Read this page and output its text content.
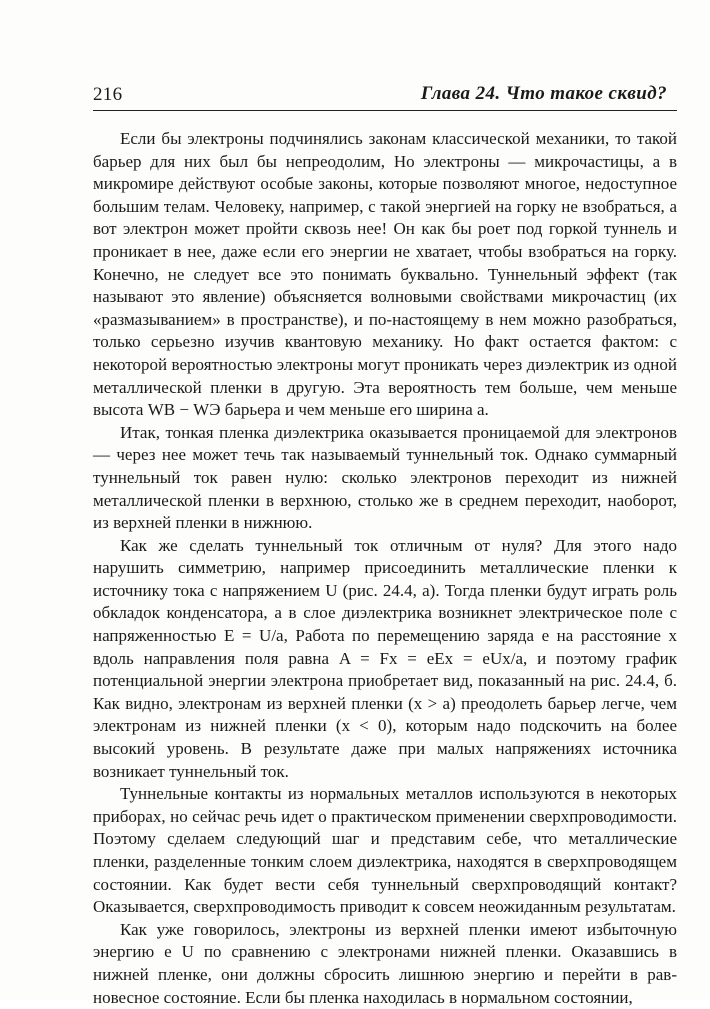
216	Глава 24. Что такое сквид?

Если бы электроны подчинялись законам классической механики, то такой барьер для них был бы непреодолим, Но электроны — микрочастицы, а в микромире действуют особые законы, которые позволяют многое, недоступное большим телам. Человеку, например, с такой энергией на горку не взобраться, а вот электрон может пройти сквозь нее! Он как бы роет под горкой туннель и проникает в нее, даже если его энергии не хватает, чтобы взобраться на горку. Конечно, не следует все это понимать буквально. Туннельный эффект (так называют это явление) объясняется волновыми свойствами микрочастиц (их «размазыванием» в пространстве), и по-настоящему в нем можно разобраться, только серьезно изучив квантовую механику. Но факт остается фактом: с некоторой вероятностью электроны могут проникать через диэлектрик из одной металлической пленки в другую. Эта вероятность тем больше, чем меньше высота WВ − WЭ барьера и чем меньше его ширина a.

Итак, тонкая пленка диэлектрика оказывается проницаемой для электронов — через нее может течь так называемый туннельный ток. Однако суммарный туннельный ток равен нулю: сколько электронов переходит из нижней металлической пленки в верхнюю, столько же в среднем переходит, наоборот, из верхней пленки в нижнюю.

Как же сделать туннельный ток отличным от нуля? Для этого надо нарушить симметрию, например присоединить металлические пленки к источнику тока с напряжением U (рис. 24.4, а). Тогда пленки будут играть роль обкладок конденсатора, а в слое диэлектрика возникнет электрическое поле с напряженностью E = U/a, Работа по перемещению заряда e на расстояние x вдоль направления поля равна A = Fx = eEx = eUx/a, и поэтому график потенциальной энергии электрона приобретает вид, показанный на рис. 24.4, б. Как видно, электронам из верхней пленки (x > a) преодолеть барьер легче, чем электронам из нижней пленки (x < 0), которым надо подскочить на более высокий уровень. В результате даже при малых напряжениях источника возникает туннельный ток.

Туннельные контакты из нормальных металлов используются в некоторых приборах, но сейчас речь идет о практическом применении сверхпроводимости. Поэтому сделаем следующий шаг и представим себе, что металлические пленки, разделенные тонким слоем диэлектрика, находятся в сверхпроводящем состоянии. Как будет вести себя туннельный сверхпроводящий контакт? Оказывается, сверхпроводимость приводит к совсем неожиданным результатам.

Как уже говорилось, электроны из верхней пленки имеют избыточную энергию e U по сравнению с электронами нижней пленки. Оказавшись в нижней пленке, они должны сбросить лишнюю энергию и перейти в равновесное состояние. Если бы пленка находилась в нормальном состоянии,
